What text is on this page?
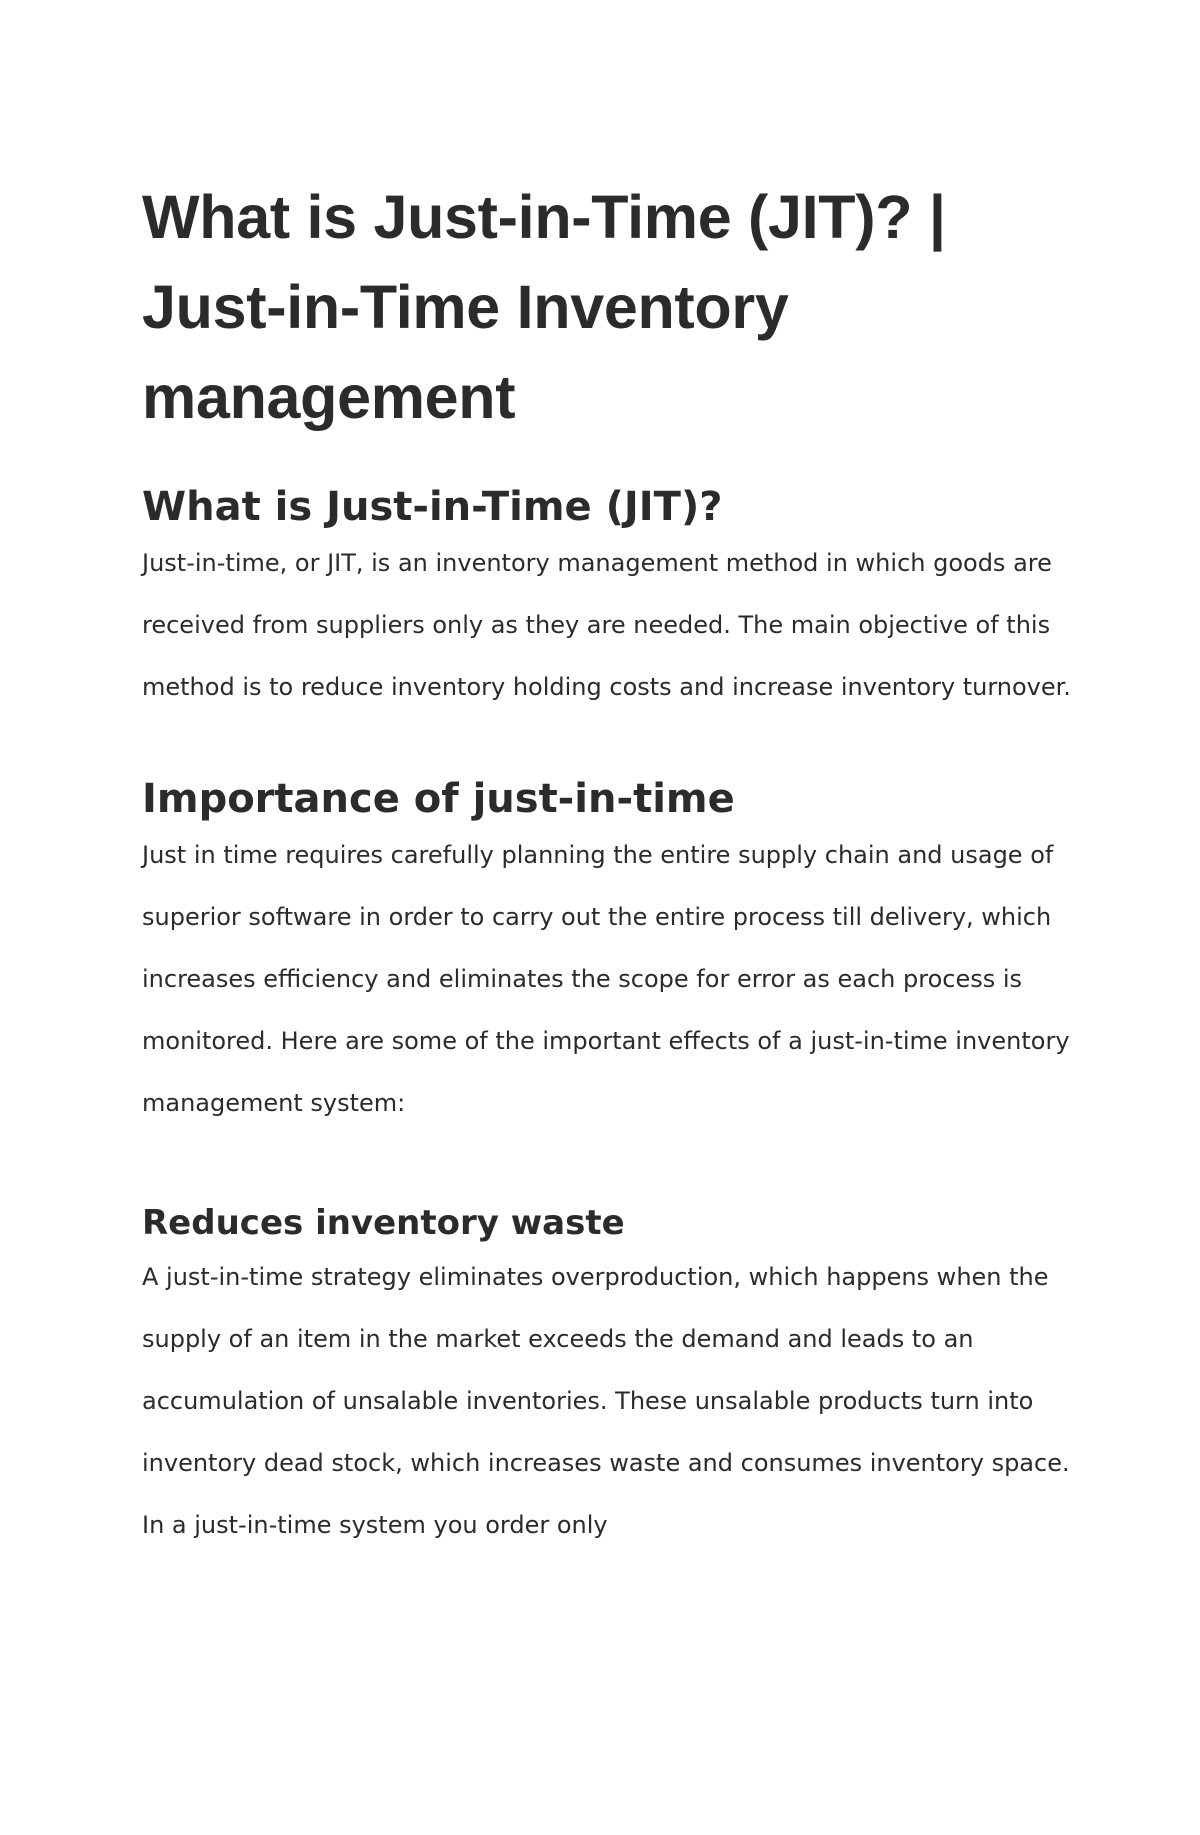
What is Just-in-Time (JIT)? | Just-in-Time Inventory management
What is Just-in-Time (JIT)?

Just-in-time, or JIT, is an inventory management method in which goods are received from suppliers only as they are needed. The main objective of this method is to reduce inventory holding costs and increase inventory turnover.

Importance of just-in-time

Just in time requires carefully planning the entire supply chain and usage of superior software in order to carry out the entire process till delivery, which increases efficiency and eliminates the scope for error as each process is monitored. Here are some of the important effects of a just-in-time inventory management system:

Reduces inventory waste

A just-in-time strategy eliminates overproduction, which happens when the supply of an item in the market exceeds the demand and leads to an accumulation of unsalable inventories. These unsalable products turn into inventory dead stock, which increases waste and consumes inventory space. In a just-in-time system you order only
